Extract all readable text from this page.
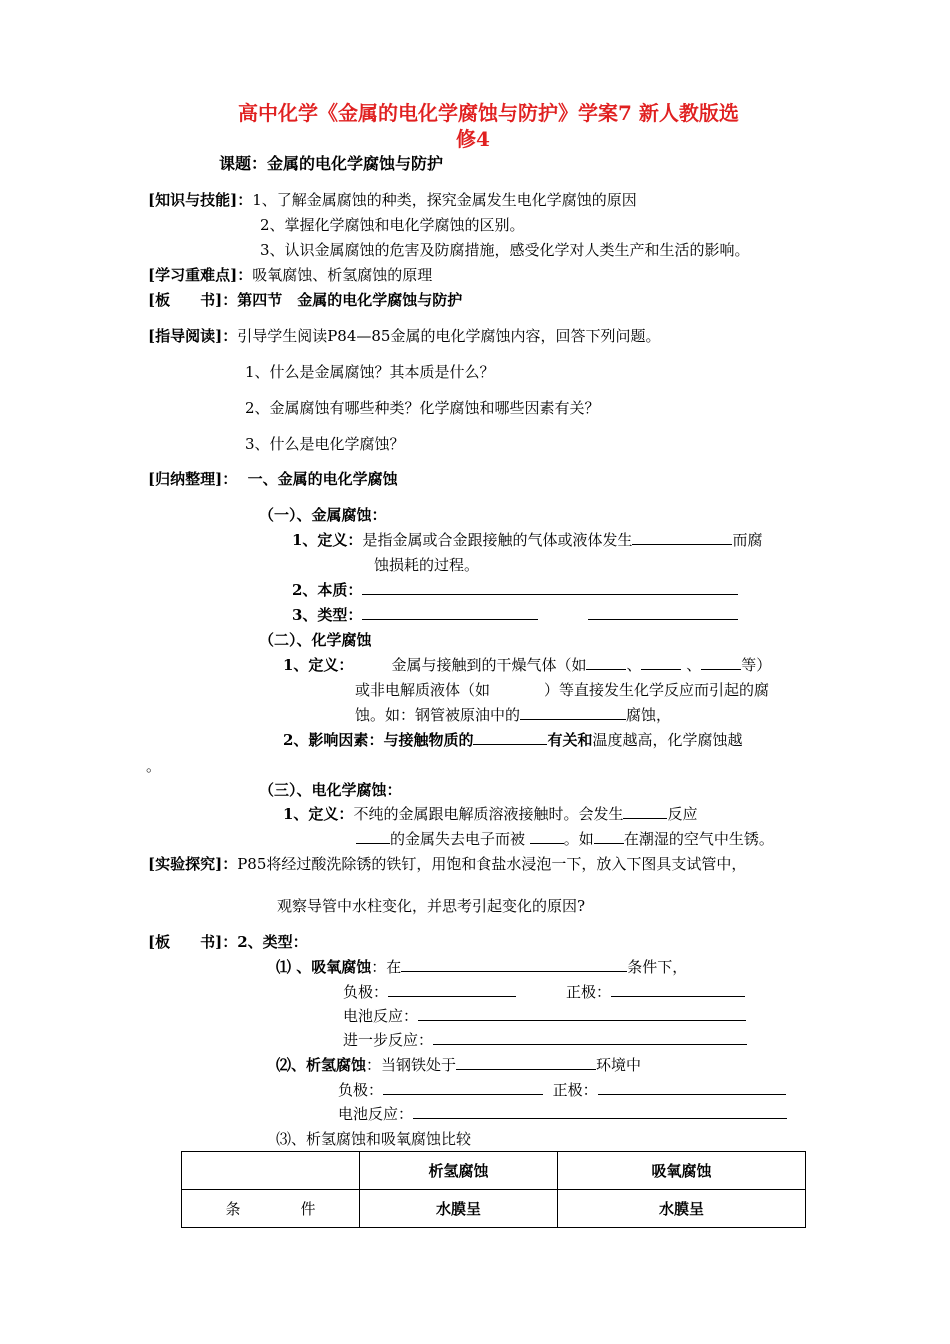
高中化学《金属的电化学腐蚀与防护》学案7 新人教版选
修4
课题：金属的电化学腐蚀与防护
[知识与技能]：1、了解金属腐蚀的种类，探究金属发生电化学腐蚀的原因
2、掌握化学腐蚀和电化学腐蚀的区别。
3、认识金属腐蚀的危害及防腐措施，感受化学对人类生产和生活的影响。
[学习重难点]：吸氧腐蚀、析氢腐蚀的原理
[板　　书]：第四节　金属的电化学腐蚀与防护
[指导阅读]：引导学生阅读P84—85金属的电化学腐蚀内容，回答下列问题。
1、什么是金属腐蚀？其本质是什么？
2、金属腐蚀有哪些种类？化学腐蚀和哪些因素有关？
3、什么是电化学腐蚀？
[归纳整理]： 一、金属的电化学腐蚀
（一）、金属腐蚀：
1、定义：是指金属或合金跟接触的气体或液体发生	而腐
蚀损耗的过程。
2、本质：
3、类型：
（二）、化学腐蚀
1、定义：	金属与接触到的干燥气体（如	、	、	等）
或非电解质液体（如	）等直接发生化学反应而引起的腐
蚀。如：钢管被原油中的	腐蚀，
2、影响因素：与接触物质的	有关和温度越高，化学腐蚀越
。
（三）、电化学腐蚀：
1、定义：不纯的金属跟电解质溶液接触时。会发生	反应
的金属失去电子而被	。如 在潮湿的空气中生锈。
[实验探究]：P85将经过酸洗除锈的铁钉，用饱和食盐水浸泡一下，放入下图具支试管中，
观察导管中水柱变化，并思考引起变化的原因?
[板　　书]：2、类型：
⑴ 、吸氧腐蚀：在	条件下，
负极：	正极：
电池反应：
进一步反应：
⑵、析氢腐蚀：当钢铁处于	环境中
负极：	正极：
电池反应：
⑶、析氢腐蚀和吸氧腐蚀比较
	析氢腐蚀	吸氧腐蚀
条　　　　件	水膜呈	水膜呈
